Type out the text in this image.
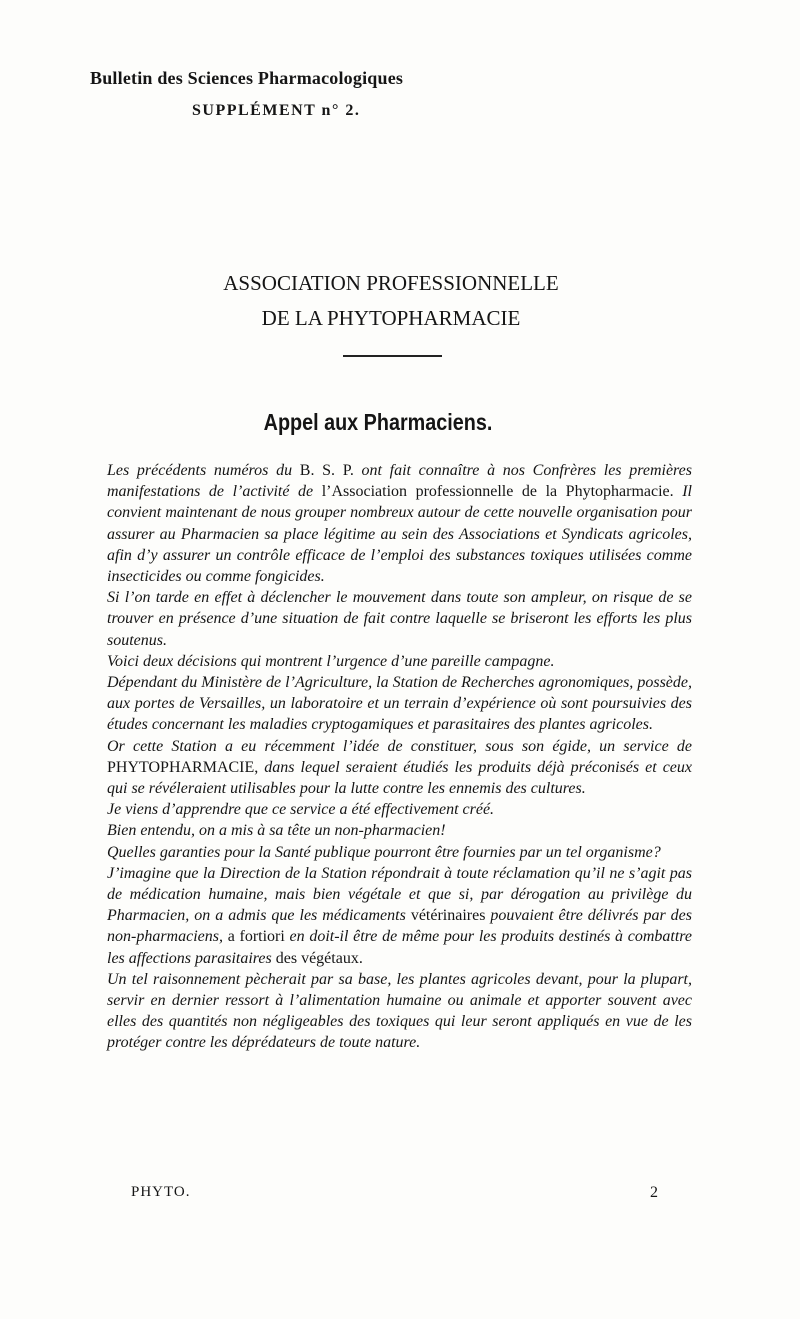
Bulletin des Sciences Pharmacologiques
SUPPLÉMENT n° 2.
ASSOCIATION PROFESSIONNELLE
DE LA PHYTOPHARMACIE
Appel aux Pharmaciens.

Les précédents numéros du B. S. P. ont fait connaître à nos Confrères les premières manifestations de l’activité de l’Association professionnelle de la Phytopharmacie. Il convient maintenant de nous grouper nombreux autour de cette nouvelle organisation pour assurer au Pharmacien sa place légitime au sein des Associations et Syndicats agricoles, afin d’y assurer un contrôle efficace de l’emploi des substances toxiques utilisées comme insecticides ou comme fongicides.

Si l’on tarde en effet à déclencher le mouvement dans toute son ampleur, on risque de se trouver en présence d’une situation de fait contre laquelle se briseront les efforts les plus soutenus.

Voici deux décisions qui montrent l’urgence d’une pareille campagne.

Dépendant du Ministère de l’Agriculture, la Station de Recherches agronomiques, possède, aux portes de Versailles, un laboratoire et un terrain d’expérience où sont poursuivies des études concernant les maladies cryptogamiques et parasitaires des plantes agricoles.

Or cette Station a eu récemment l’idée de constituer, sous son égide, un service de PHYTOPHARMACIE, dans lequel seraient étudiés les produits déjà préconisés et ceux qui se révéleraient utilisables pour la lutte contre les ennemis des cultures.

Je viens d’apprendre que ce service a été effectivement créé.

Bien entendu, on a mis à sa tête un non-pharmacien!

Quelles garanties pour la Santé publique pourront être fournies par un tel organisme?

J’imagine que la Direction de la Station répondrait à toute réclamation qu’il ne s’agit pas de médication humaine, mais bien végétale et que si, par dérogation au privilège du Pharmacien, on a admis que les médicaments vétérinaires pouvaient être délivrés par des non-pharmaciens, a fortiori en doit-il être de même pour les produits destinés à combattre les affections parasitaires des végétaux.

Un tel raisonnement pècherait par sa base, les plantes agricoles devant, pour la plupart, servir en dernier ressort à l’alimentation humaine ou animale et apporter souvent avec elles des quantités non négligeables des toxiques qui leur seront appliqués en vue de les protéger contre les déprédateurs de toute nature.

PHYTO.	2
